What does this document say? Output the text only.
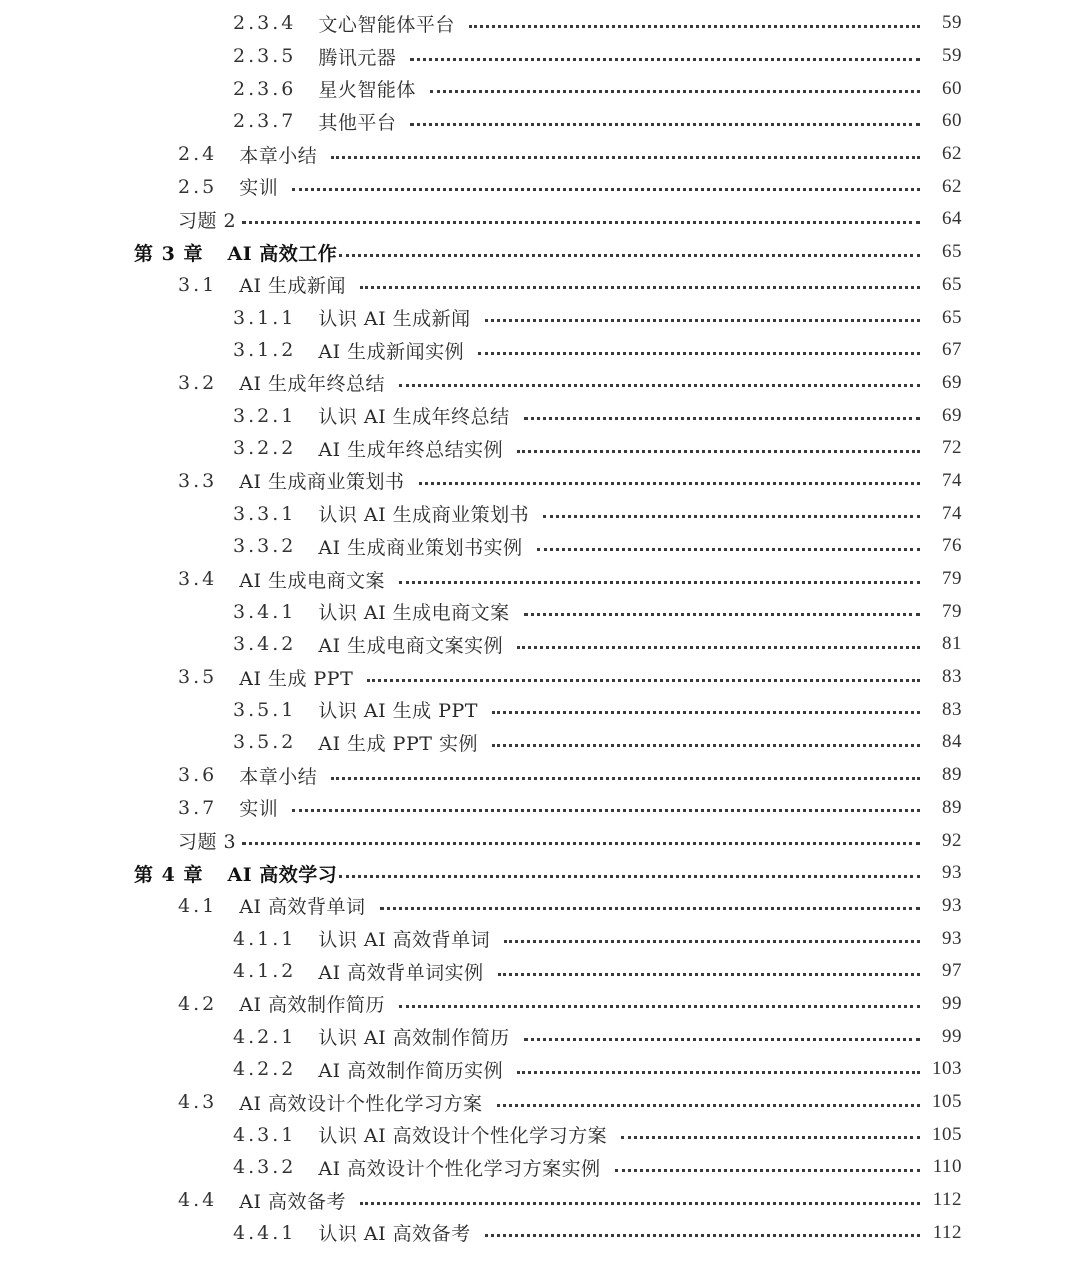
2.3.4 文心智能体平台	59
2.3.5 腾讯元器	59
2.3.6 星火智能体	60
2.3.7 其他平台	60
2.4 本章小结	62
2.5 实训	62
习题 2	64
第 3 章 AI 高效工作	65
3.1 AI 生成新闻	65
3.1.1 认识 AI 生成新闻	65
3.1.2 AI 生成新闻实例	67
3.2 AI 生成年终总结	69
3.2.1 认识 AI 生成年终总结	69
3.2.2 AI 生成年终总结实例	72
3.3 AI 生成商业策划书	74
3.3.1 认识 AI 生成商业策划书	74
3.3.2 AI 生成商业策划书实例	76
3.4 AI 生成电商文案	79
3.4.1 认识 AI 生成电商文案	79
3.4.2 AI 生成电商文案实例	81
3.5 AI 生成 PPT	83
3.5.1 认识 AI 生成 PPT	83
3.5.2 AI 生成 PPT 实例	84
3.6 本章小结	89
3.7 实训	89
习题 3	92
第 4 章 AI 高效学习	93
4.1 AI 高效背单词	93
4.1.1 认识 AI 高效背单词	93
4.1.2 AI 高效背单词实例	97
4.2 AI 高效制作简历	99
4.2.1 认识 AI 高效制作简历	99
4.2.2 AI 高效制作简历实例	103
4.3 AI 高效设计个性化学习方案	105
4.3.1 认识 AI 高效设计个性化学习方案	105
4.3.2 AI 高效设计个性化学习方案实例	110
4.4 AI 高效备考	112
4.4.1 认识 AI 高效备考	112
